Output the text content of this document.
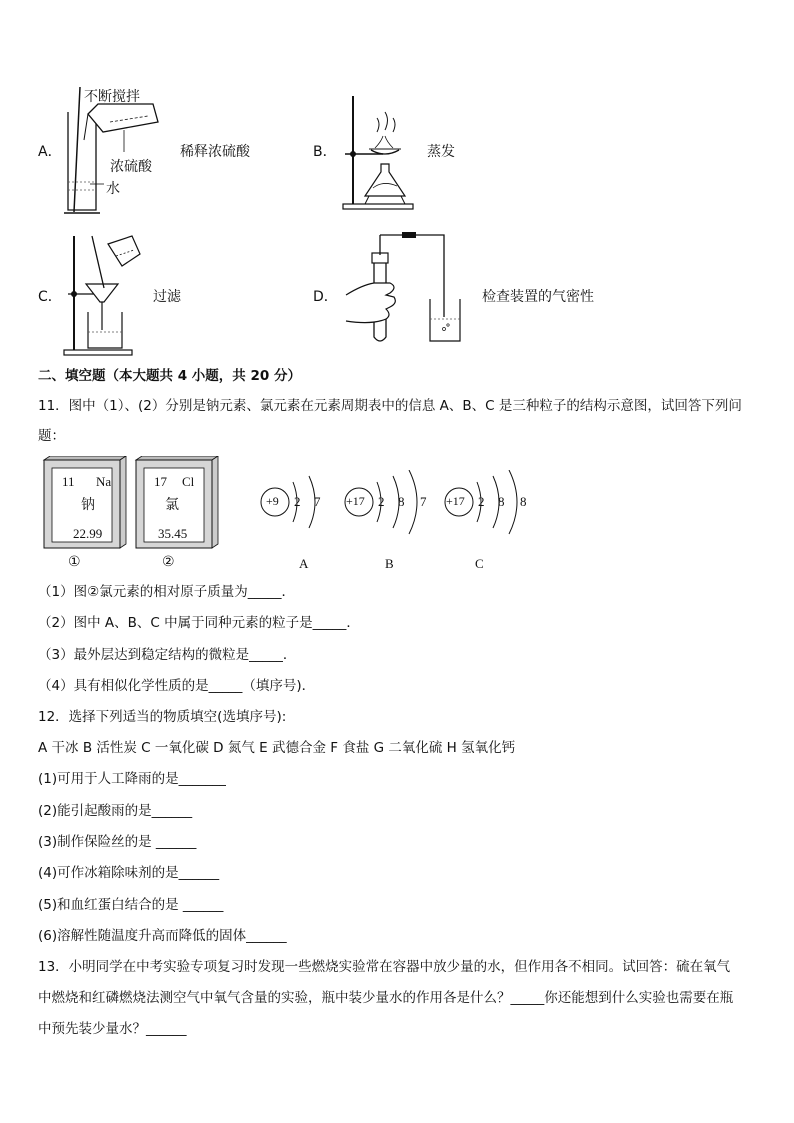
A．
不断搅拌
浓硫酸
水
稀释浓硫酸	B．	蒸发
C．	过滤	D．	检查装置的气密性
二、填空题（本大题共 4 小题，共 20 分）
11．图中（1）、(2）分别是钠元素、氯元素在元素周期表中的信息 A、B、C 是三种粒子的结构示意图，试回答下列问
题：
11 Na
钠
22.99
17 Cl
氯
35.45
①	②
+9 2 7 +17 2 8 7 +17 2 8 8
A	B	C
（1）图②氯元素的相对原子质量为_____．
（2）图中 A、B、C 中属于同种元素的粒子是_____．
（3）最外层达到稳定结构的微粒是_____．
（4）具有相似化学性质的是_____（填序号)．
12．选择下列适当的物质填空(选填序号):
A 干冰 B 活性炭 C 一氧化碳 D 氮气 E 武德合金 F 食盐 G 二氧化硫 H 氢氧化钙
(1)可用于人工降雨的是_______
(2)能引起酸雨的是______
(3)制作保险丝的是 ______
(4)可作冰箱除味剂的是______
(5)和血红蛋白结合的是 ______
(6)溶解性随温度升高而降低的固体______
13．小明同学在中考实验专项复习时发现一些燃烧实验常在容器中放少量的水，但作用各不相同。试回答：硫在氧气
中燃烧和红磷燃烧法测空气中氧气含量的实验，瓶中装少量水的作用各是什么？_____你还能想到什么实验也需要在瓶
中预先装少量水？______
